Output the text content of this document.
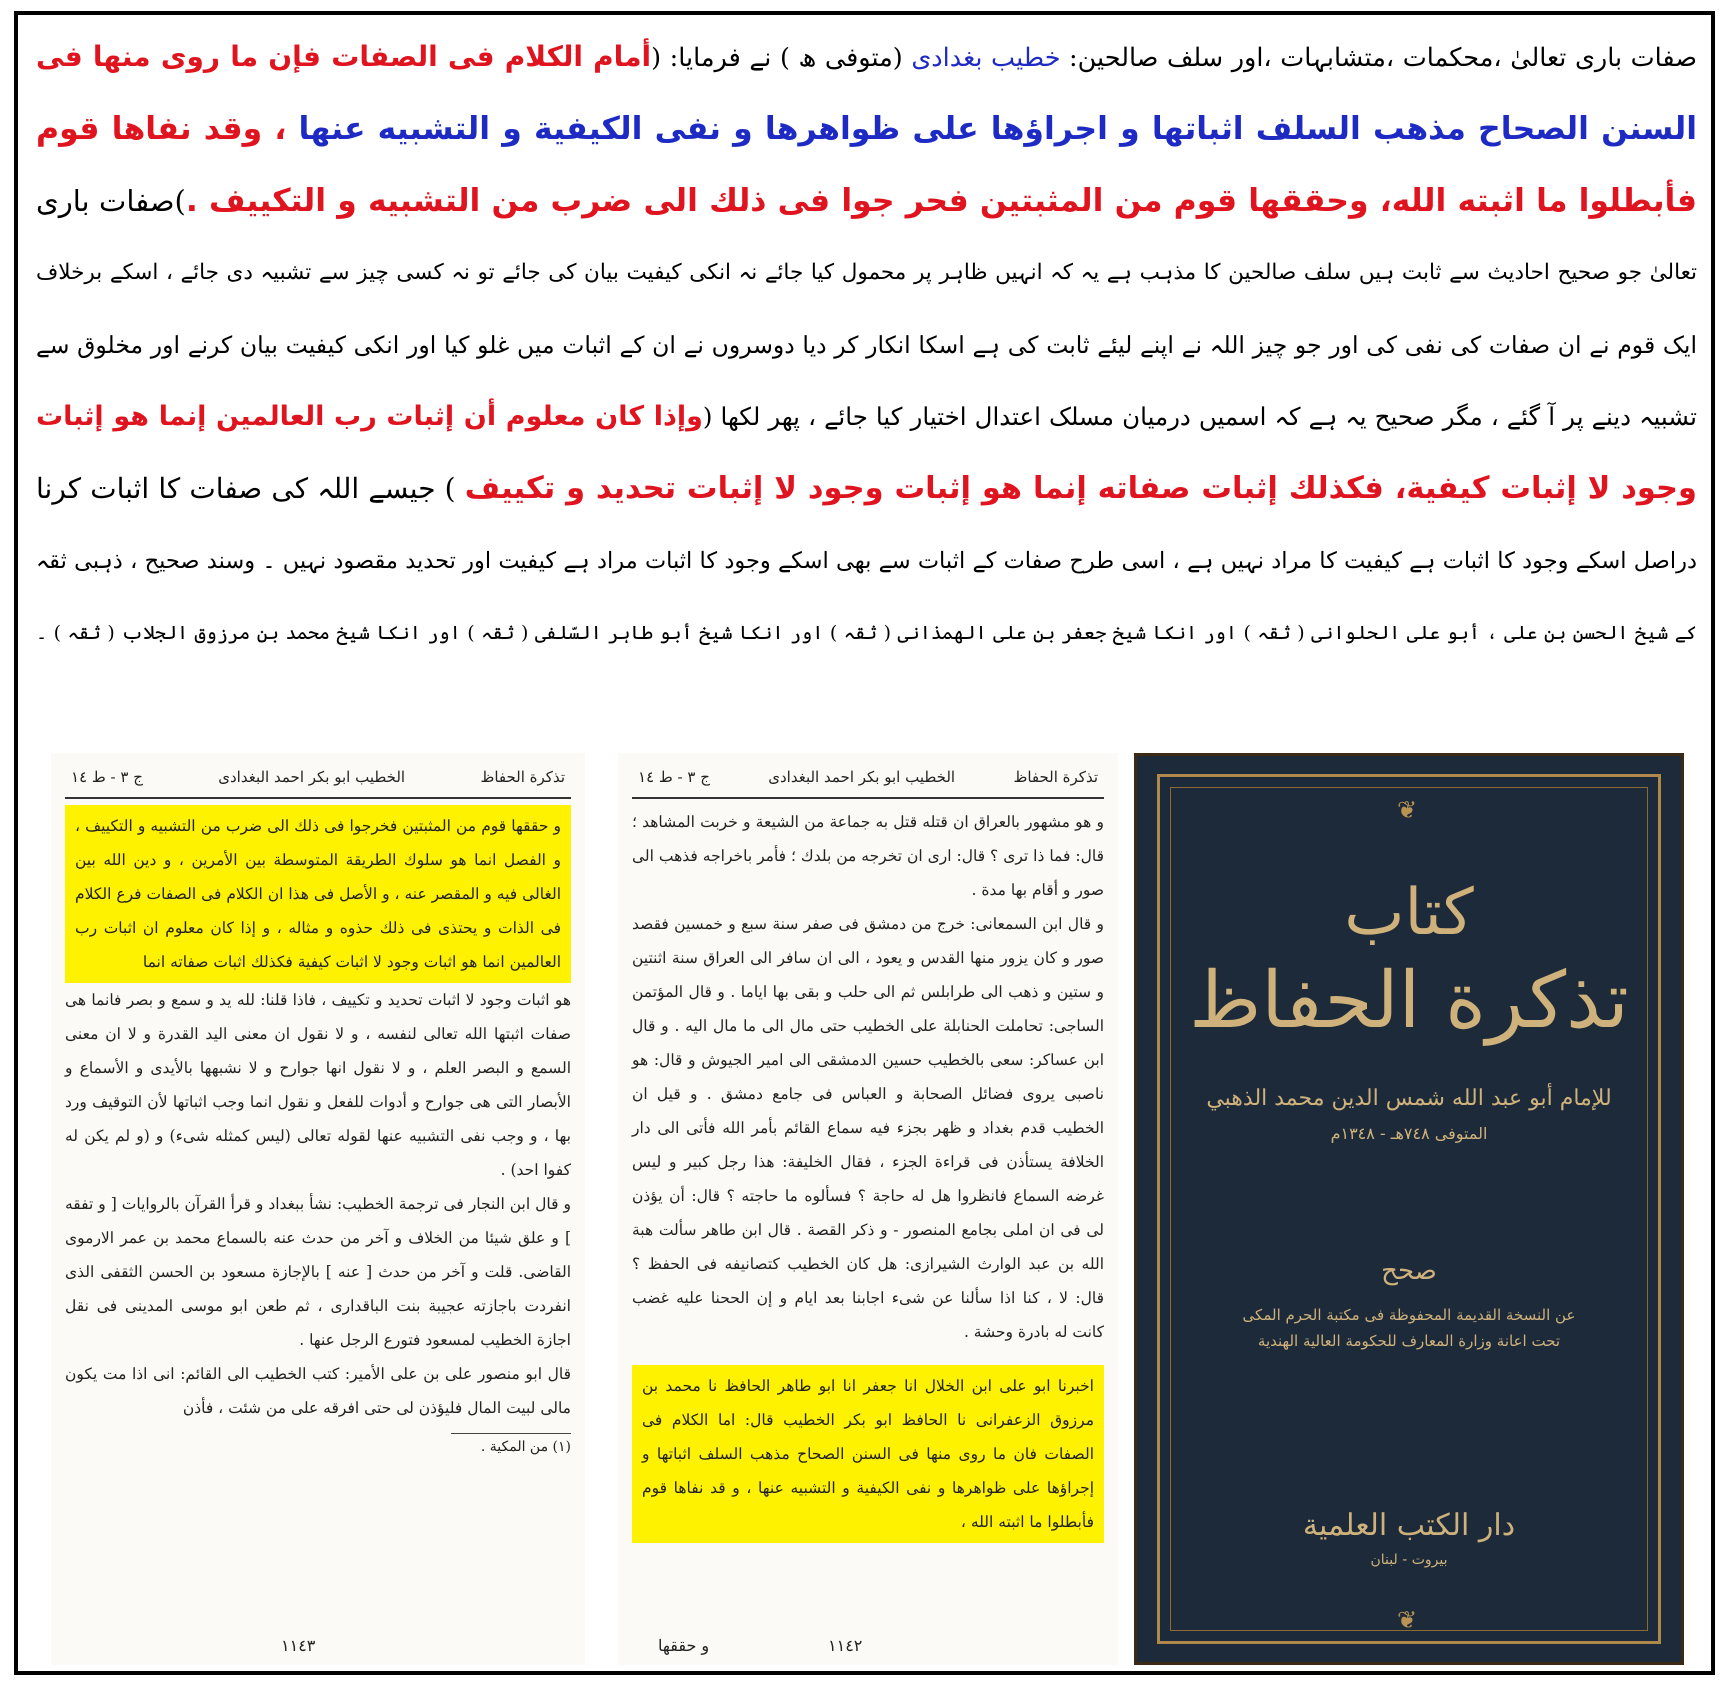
صفات باری تعالیٰ ،محکمات ،متشابہات ،اور سلف صالحین: خطیب بغدادی (متوفی ھ ) نے فرمایا: (أمام الكلام فى الصفات فإن ما روى منها فى
السنن الصحاح مذهب السلف اثباتها و اجراؤها على ظواهرها و نفى الكيفية و التشبيه عنها ، وقد نفاها قوم
فأبطلوا ما اثبته الله، وحققها قوم من المثبتين فحر جوا فى ذلك الى ضرب من التشبيه و التكييف .)صفات باری
تعالیٰ جو صحیح احادیث سے ثابت ہیں سلف صالحین کا مذہب ہے یہ کہ انہیں ظاہر پر محمول کیا جائے نہ انکی کیفیت بیان کی جائے تو نہ کسی چیز سے تشبیہ دی جائے ، اسکے برخلاف
ایک قوم نے ان صفات کی نفی کی اور جو چیز اللہ نے اپنے لیئے ثابت کی ہے اسکا انکار کر دیا دوسروں نے ان کے اثبات میں غلو کیا اور انکی کیفیت بیان کرنے اور مخلوق سے
تشبیہ دینے پر آ گئے ، مگر صحیح یہ ہے کہ اسمیں درمیان مسلک اعتدال اختیار کیا جائے ، پھر لکھا (وإذا كان معلوم أن إثبات رب العالمين إنما هو إثبات
وجود لا إثبات كيفية، فكذلك إثبات صفاته إنما هو إثبات وجود لا إثبات تحديد و تكييف ) جیسے اللہ کی صفات کا اثبات کرنا
دراصل اسکے وجود کا اثبات ہے کیفیت کا مراد نہیں ہے ، اسی طرح صفات کے اثبات سے بھی اسکے وجود کا اثبات مراد ہے کیفیت اور تحدید مقصود نہیں ۔ وسند صحیح ، ذہبی ثقہ
کے شیخ الحسن بن علی ، أبو علی الحلوانی ( ثقہ ) اور انکا شیخ جعفر بن علی الھمذانی ( ثقہ ) اور انکا شیخ أبو طاہر السّلفی ( ثقہ ) اور انکا شیخ محمد بن مرزوق الجلاب ( ثقہ ) ۔
تذكرة الحفاظ
الخطيب ابو بكر احمد البغدادى
ج ٣ - ط ١٤

و حققها قوم من المثبتين فخرجوا فى ذلك الى ضرب من التشبيه و التكييف ، و الفصل انما هو سلوك الطريقة المتوسطة بين الأمرين ، و دين الله بين الغالى فيه و المقصر عنه ، و الأصل فى هذا ان الكلام فى الصفات فرع الكلام فى الذات و يحتذى فى ذلك حذوه و مثاله ، و إذا كان معلوم ان اثبات رب العالمين انما هو اثبات وجود لا اثبات كيفية فكذلك اثبات صفاته انما

هو اثبات وجود لا اثبات تحديد و تكييف ، فاذا قلنا: لله يد و سمع و بصر فانما هى صفات اثبتها الله تعالى لنفسه ، و لا نقول ان معنى اليد القدرة و لا ان معنى السمع و البصر العلم ، و لا نقول انها جوارح و لا نشبهها بالأيدى و الأسماع و الأبصار التى هى جوارح و أدوات للفعل و نقول انما وجب اثباتها لأن التوقيف ورد بها ، و وجب نفى التشبيه عنها لقوله تعالى (ليس كمثله شىء) و (و لم يكن له كفوا احد) .

و قال ابن النجار فى ترجمة الخطيب: نشأ ببغداد و قرأ القرآن بالروايات [ و تفقه ] و علق شيئا من الخلاف و آخر من حدث عنه بالسماع محمد بن عمر الارموى القاضى. قلت و آخر من حدث [ عنه ] بالإجازة مسعود بن الحسن الثقفى الذى انفردت باجازته عجيبة بنت الباقدارى ، ثم طعن ابو موسى المدينى فى نقل اجازة الخطيب لمسعود فتورع الرجل عنها .

قال ابو منصور على بن على الأمير: كتب الخطيب الى القائم: انى اذا مت يكون مالى لبيت المال فليؤذن لى حتى افرقه على من شئت ، فأذن

(١) من المكية .

١١٤٣
تذكرة الحفاظ
الخطيب ابو بكر احمد البغدادى
ج ٣ - ط ١٤

و هو مشهور بالعراق ان قتله قتل به جماعة من الشيعة و خربت المشاهد ؛ قال: فما ذا ترى ؟ قال: ارى ان تخرجه من بلدك ؛ فأمر باخراجه فذهب الى صور و أقام بها مدة .

و قال ابن السمعانى: خرج من دمشق فى صفر سنة سبع و خمسين فقصد صور و كان يزور منها القدس و يعود ، الى ان سافر الى العراق سنة اثنتين و ستين و ذهب الى طرابلس ثم الى حلب و بقى بها اياما . و قال المؤتمن الساجى: تحاملت الحنابلة على الخطيب حتى مال الى ما مال اليه . و قال ابن عساكر: سعى بالخطيب حسين الدمشقى الى امير الجيوش و قال: هو ناصبى يروى فضائل الصحابة و العباس فى جامع دمشق . و قيل ان الخطيب قدم بغداد و ظهر بجزء فيه سماع القائم بأمر الله فأتى الى دار الخلافة يستأذن فى قراءة الجزء ، فقال الخليفة: هذا رجل كبير و ليس غرضه السماع فانظروا هل له حاجة ؟ فسألوه ما حاجته ؟ قال: أن يؤذن لى فى ان املى بجامع المنصور - و ذكر القصة . قال ابن طاهر سألت هبة الله بن عبد الوارث الشيرازى: هل كان الخطيب كتصانيفه فى الحفظ ؟ قال: لا ، كنا اذا سألنا عن شىء اجابنا بعد ايام و إن الححنا عليه غضب كانت له بادرة وحشة .

اخبرنا ابو على ابن الخلال انا جعفر انا ابو طاهر الحافظ نا محمد بن مرزوق الزعفرانى نا الحافظ ابو بكر الخطيب قال: اما الكلام فى الصفات فان ما روى منها فى السنن الصحاح مذهب السلف اثباتها و إجراؤها على ظواهرها و نفى الكيفية و التشبيه عنها ، و قد نفاها قوم فأبطلوا ما اثبته الله ،

و حققها	١١٤٢
❦
❦
كتاب
تذكرة الحفاظ
للإمام أبو عبد الله شمس الدين محمد الذهبي
المتوفى ٧٤٨هـ - ١٣٤٨م
صحح
عن النسخة القديمة المحفوظة فى مكتبة الحرم المكى
تحت اعانة وزارة المعارف للحكومة العالية الهندية
دار الكتب العلمية
بيروت - لبنان
